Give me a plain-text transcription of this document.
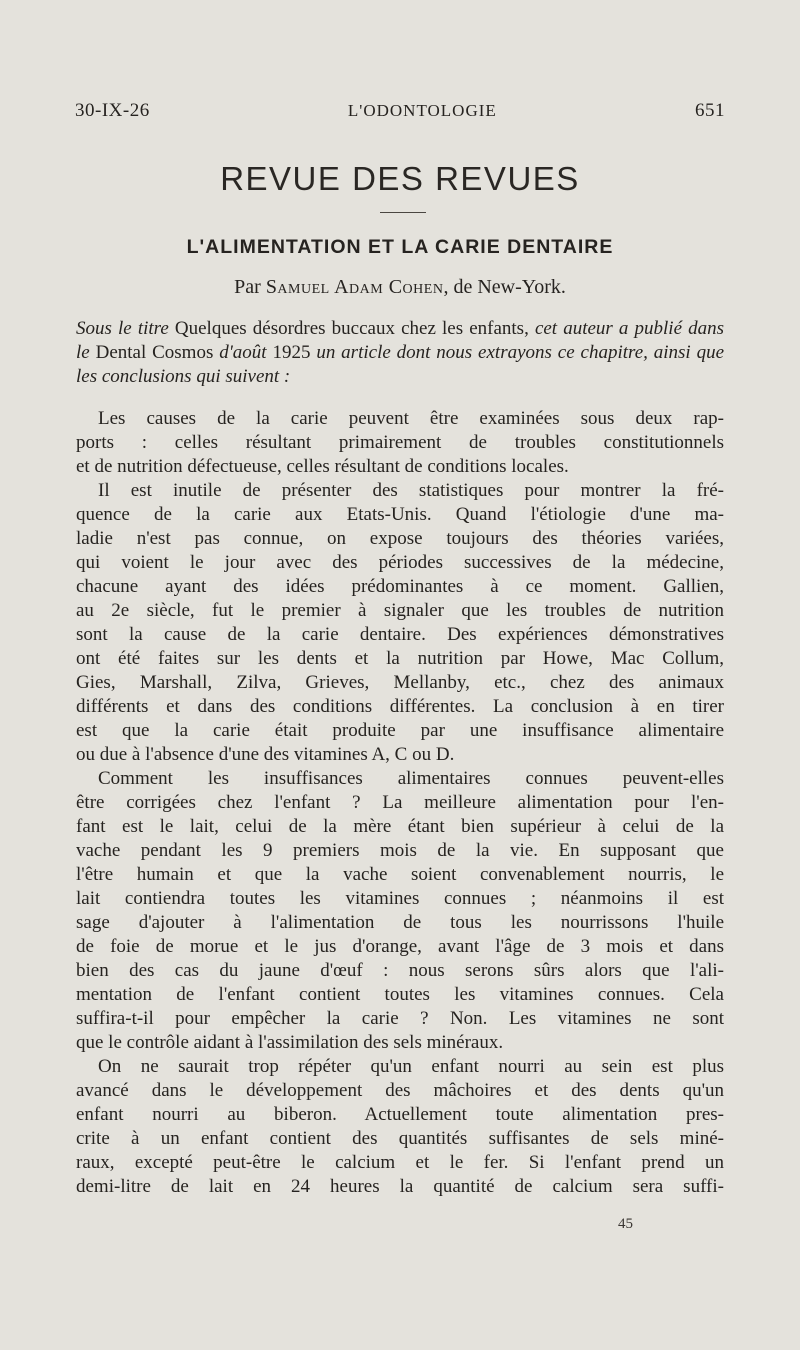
30-IX-26	L'ODONTOLOGIE	651
REVUE DES REVUES
L'ALIMENTATION ET LA CARIE DENTAIRE
Par Samuel Adam Cohen, de New-York.
Sous le titre Quelques désordres buccaux chez les enfants, cet auteur a publié dans le Dental Cosmos d'août 1925 un article dont nous extrayons ce chapitre, ainsi que les conclusions qui suivent :
Les causes de la carie peuvent être examinées sous deux rap-
ports : celles résultant primairement de troubles constitutionnels
et de nutrition défectueuse, celles résultant de conditions locales.
Il est inutile de présenter des statistiques pour montrer la fré-
quence de la carie aux Etats-Unis. Quand l'étiologie d'une ma-
ladie n'est pas connue, on expose toujours des théories variées,
qui voient le jour avec des périodes successives de la médecine,
chacune ayant des idées prédominantes à ce moment. Gallien,
au 2e siècle, fut le premier à signaler que les troubles de nutrition
sont la cause de la carie dentaire. Des expériences démonstratives
ont été faites sur les dents et la nutrition par Howe, Mac Collum,
Gies, Marshall, Zilva, Grieves, Mellanby, etc., chez des animaux
différents et dans des conditions différentes. La conclusion à en tirer
est que la carie était produite par une insuffisance alimentaire
ou due à l'absence d'une des vitamines A, C ou D.
Comment les insuffisances alimentaires connues peuvent-elles
être corrigées chez l'enfant ? La meilleure alimentation pour l'en-
fant est le lait, celui de la mère étant bien supérieur à celui de la
vache pendant les 9 premiers mois de la vie. En supposant que
l'être humain et que la vache soient convenablement nourris, le
lait contiendra toutes les vitamines connues ; néanmoins il est
sage d'ajouter à l'alimentation de tous les nourrissons l'huile
de foie de morue et le jus d'orange, avant l'âge de 3 mois et dans
bien des cas du jaune d'œuf : nous serons sûrs alors que l'ali-
mentation de l'enfant contient toutes les vitamines connues. Cela
suffira-t-il pour empêcher la carie ? Non. Les vitamines ne sont
que le contrôle aidant à l'assimilation des sels minéraux.
On ne saurait trop répéter qu'un enfant nourri au sein est plus
avancé dans le développement des mâchoires et des dents qu'un
enfant nourri au biberon. Actuellement toute alimentation pres-
crite à un enfant contient des quantités suffisantes de sels miné-
raux, excepté peut-être le calcium et le fer. Si l'enfant prend un
demi-litre de lait en 24 heures la quantité de calcium sera suffi-
45
